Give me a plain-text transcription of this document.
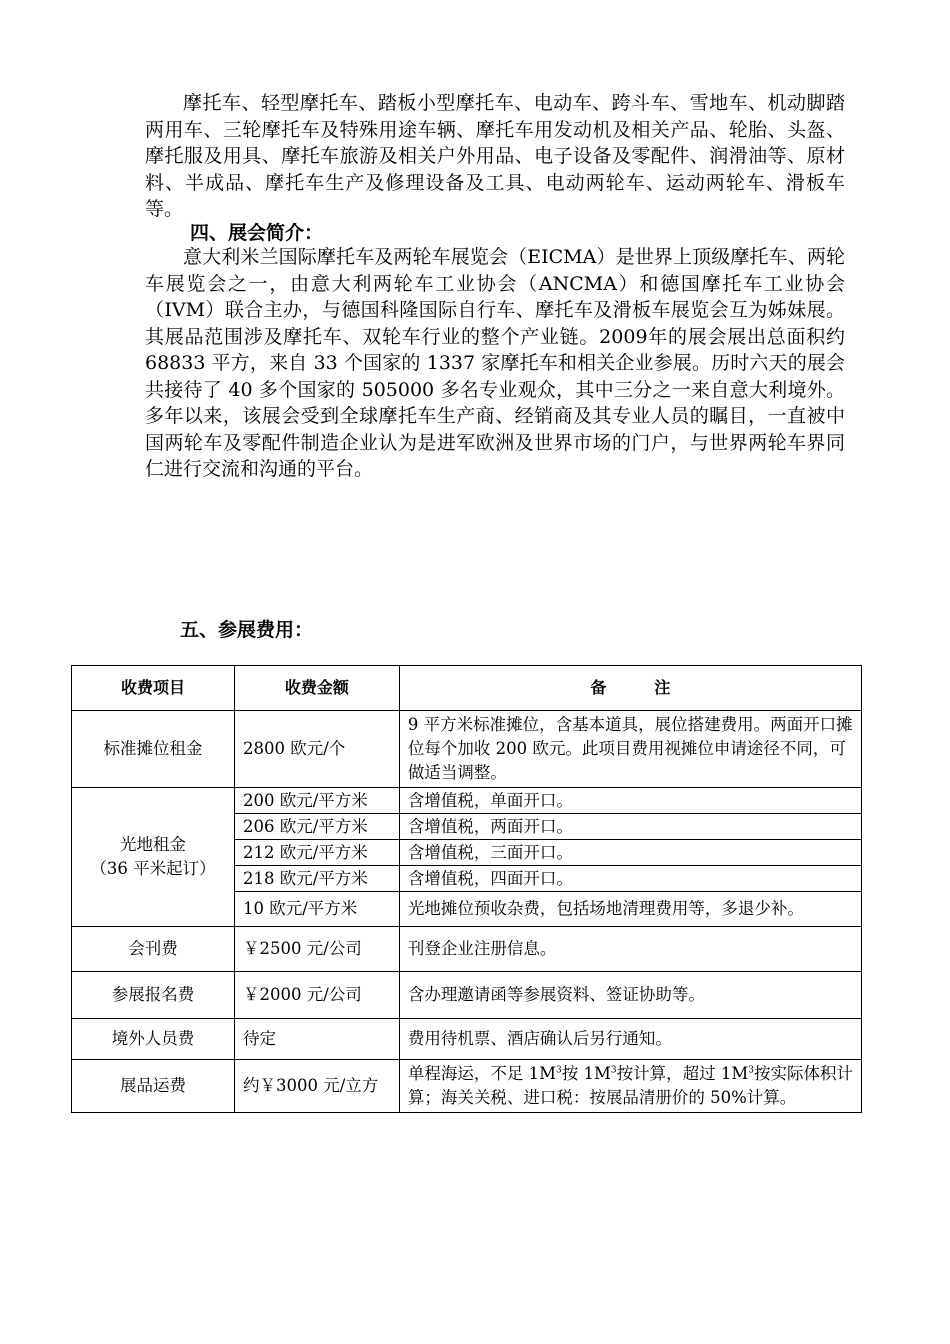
摩托车、轻型摩托车、踏板小型摩托车、电动车、跨斗车、雪地车、机动脚踏两用车、三轮摩托车及特殊用途车辆、摩托车用发动机及相关产品、轮胎、头盔、摩托服及用具、摩托车旅游及相关户外用品、电子设备及零配件、润滑油等、原材料、半成品、摩托车生产及修理设备及工具、电动两轮车、运动两轮车、滑板车等。

四、展会简介：

意大利米兰国际摩托车及两轮车展览会（EICMA）是世界上顶级摩托车、两轮车展览会之一，由意大利两轮车工业协会（ANCMA）和德国摩托车工业协会（IVM）联合主办，与德国科隆国际自行车、摩托车及滑板车展览会互为姊妹展。其展品范围涉及摩托车、双轮车行业的整个产业链。2009年的展会展出总面积约 68833 平方，来自 33 个国家的 1337 家摩托车和相关企业参展。历时六天的展会共接待了 40 多个国家的 505000 多名专业观众，其中三分之一来自意大利境外。多年以来，该展会受到全球摩托车生产商、经销商及其专业人员的瞩目，一直被中国两轮车及零配件制造企业认为是进军欧洲及世界市场的门户，与世界两轮车界同仁进行交流和沟通的平台。

五、参展费用：

收费项目	收费金额	备　　　注
标准摊位租金	2800 欧元/个	9 平方米标准摊位，含基本道具，展位搭建费用。两面开口摊位每个加收 200 欧元。此项目费用视摊位申请途径不同，可做适当调整。

光地租金
（36 平米起订）	200 欧元/平方米	含增值税，单面开口。
	206 欧元/平方米	含增值税，两面开口。
	212 欧元/平方米	含增值税，三面开口。
	218 欧元/平方米	含增值税，四面开口。
	10 欧元/平方米	光地摊位预收杂费，包括场地清理费用等，多退少补。
会刊费	￥2500 元/公司	刊登企业注册信息。
参展报名费	￥2000 元/公司	含办理邀请函等参展资料、签证协助等。
境外人员费	待定	费用待机票、酒店确认后另行通知。
展品运费	约￥3000 元/立方	单程海运，不足 $1M^3$按 $1M^3$按计算，超过 $1M^3$按实际体积计
算；海关关税、进口税：按展品清册价的 50%计算。
